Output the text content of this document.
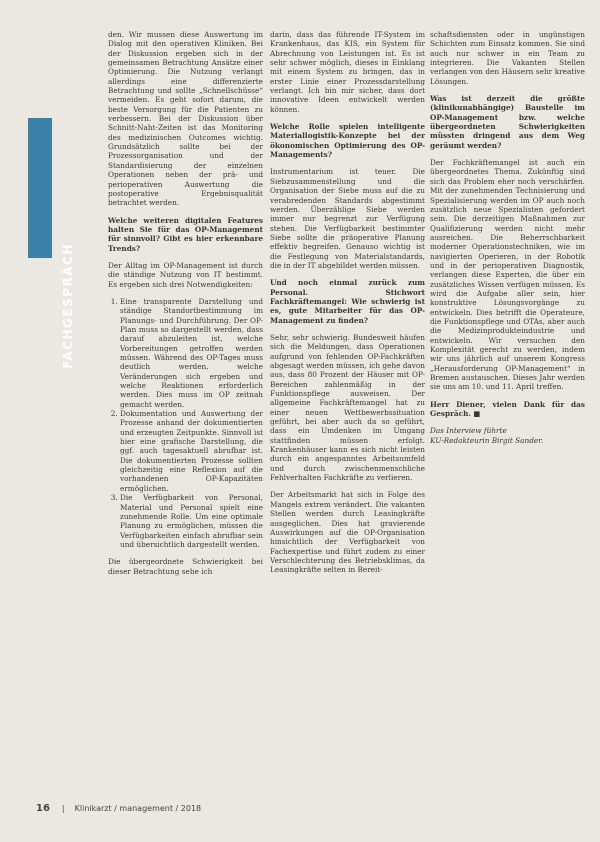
FACHGESPRÄCH

den. Wir mussen diese Auswertung im Dialog mit den operativen Kliniken. Bei der Diskussion ergeben sich in der gemeinsamen Betrachtung Ansätze einer Optimierung. Die Nutzung verlangt allerdings eine differenzierte Betrachtung und sollte „Schnellschüsse“ vermeiden. Es geht sofort darum, die beste Versorgung für die Patienten zu verbessern. Bei der Diskussion über Schnitt-Naht-Zeiten ist das Monitoring des medizinischen Outcomes wichtig. Grundsätzlich sollte bei der Prozessorganisation und der Standardisierung der einzelnen Operationen neben der prä- und perioperativen Auswertung die postoperative Ergebnisqualität betrachtet werden.

Welche weiteren digitalen Features halten Sie für das OP-Management für sinnvoll? Gibt es hier erkennbare Trends?

Der Alltag im OP-Management ist durch die ständige Nutzung von IT bestimmt. Es ergeben sich drei Notwendigkeiten:

1. Eine transparente Darstellung und ständige Standortbestimmung im Planungs- und Durchführung. Der OP-Plan muss so dargestellt werden, dass darauf abzuleiten ist, welche Vorbereitungen getroffen werden müssen. Während des OP-Tages muss deutlich werden, welche Veränderungen sich ergeben und welche Reaktionen erforderlich werden. Dies muss im OP zeitnah gemacht werden.
2. Dokumentation und Auswertung der Prozesse anhand der dokumentierten und erzeugten Zeitpunkte. Sinnvoll ist hier eine grafische Darstellung, die ggf. auch tagesaktuell abrufbar ist. Die dokumentierten Prozesse sollten gleichzeitig eine Reflexion auf die vorhandenen OP-Kapazitäten ermöglichen.
3. Die Verfügbarkeit von Personal, Material und Personal spielt eine zunehmende Rolle. Um eine optimale Planung zu ermöglichen, müssen die Verfügbarkeiten einfach abrufbar sein und übersichtlich dargestellt werden.

Die übergeordnete Schwierigkeit bei dieser Betrachtung sehe ich

darin, dass das führende IT-System im Krankenhaus, das KIS, ein System für Abrechnung von Leistungen ist. Es ist sehr schwer möglich, dieses in Einklang mit einem System zu bringen, das in erster Linie einer Prozessdarstellung verlangt. Ich bin mir sicher, dass dort innovative Ideen entwickelt werden können.

Welche Rolle spielen intelligente Materiallogistik-Konzepte bei der ökonomischen Optimierung des OP-Managements?

Instrumentarium ist teuer. Die Siebzusammenstellung und die Organisation der Siebe muss auf die zu verabredenden Standards abgestimmt werden. Überzählige Siebe werden immer nur begrenzt zur Verfügung stehen. Die Verfügbarkeit bestimmter Siebe sollte die präoperative Planung effektiv begreifen. Genauso wichtig ist die Festlegung von Materialstandards, die in der IT abgebildet werden müssen.

Und noch einmal zurück zum Personal. Stichwort Fachkräftemangel: Wie schwierig ist es, gute Mitarbeiter für das OP-Management zu finden?

Sehr, sehr schwierig. Bundesweit häufen sich die Meldungen, dass Operationen aufgrund von fehlenden OP-Fachkräften abgesagt werden müssen, ich gehe davon aus, dass 80 Prozent der Häuser mit OP-Bereichen zahlenmäßig in der Funktionspflege ausweisen. Der allgemeine Fachkräftemangel hat zu einer neuen Wettbewerbssituation geführt, bei aber auch da so geführt, dass ein Umdenken im Umgang stattfinden müssen erfolgt. Krankenhäuser kann es sich nicht leisten durch ein angespanntes Arbeitsumfeld und durch zwischenmenschliche Fehlverhalten Fachkräfte zu verlieren.

Der Arbeitsmarkt hat sich in Folge des Mangels extrem verändert. Die vakanten Stellen werden durch Leasingkräfte ausgeglichen. Dies hat gravierende Auswirkungen auf die OP-Organisation hinsichtlich der Verfügbarkeit von Fachexpertise und führt zudem zu einer Verschlechterung des Betriebsklimas, da Leasingkräfte selten in Bereit-

schaftsdiensten oder in ungünstigen Schichten zum Einsatz kommen. Sie sind auch nur schwer in ein Team zu integrieren. Die Vakanten Stellen verlangen von den Häusern sehr kreative Lösungen.

Was ist derzeit die größte (klinikunabhängige) Baustelle im OP-Management bzw. welche übergeordneten Schwierigkeiten müssten dringend aus dem Weg geräumt werden?

Der Fachkräftemangel ist auch ein übergeordnetes Thema. Zukünftig sind sich das Problem eher noch verschärfen. Mit der zunehmenden Technisierung und Spezialisierung werden im OP auch noch zusätzlich neue Spezialisten gefordert sein. Die derzeitigen Maßnahmen zur Qualifizierung werden nicht mehr ausreichen. Die Beherrschbarkeit moderner Operationstechniken, wie im navigierten Operieren, in der Robotik und in der perioperativen Diagnostik, verlangen diese Experten, die über ein zusätzliches Wissen verfügen müssen. Es wird die Aufgabe aller sein, hier konstruktive Lösungsvorgänge zu entwickeln. Dies betrifft die Operateure, die Funktionspflege und OTAs, aber auch die Medizinprodukteindustrie und entwickeln. Wir versuchen den Komplexität gerecht zu werden, indem wir uns jährlich auf unserem Kongress „Herausforderung OP-Management“ in Bremen austauschen. Dieses Jahr werden sie uns am 10. und 11. April treffen.

Herr Diener, vielen Dank für das Gespräch. ■

Das Interview führte

KU-Redakteurin Birgit Sander.

16 | Klinikarzt / management / 2018
